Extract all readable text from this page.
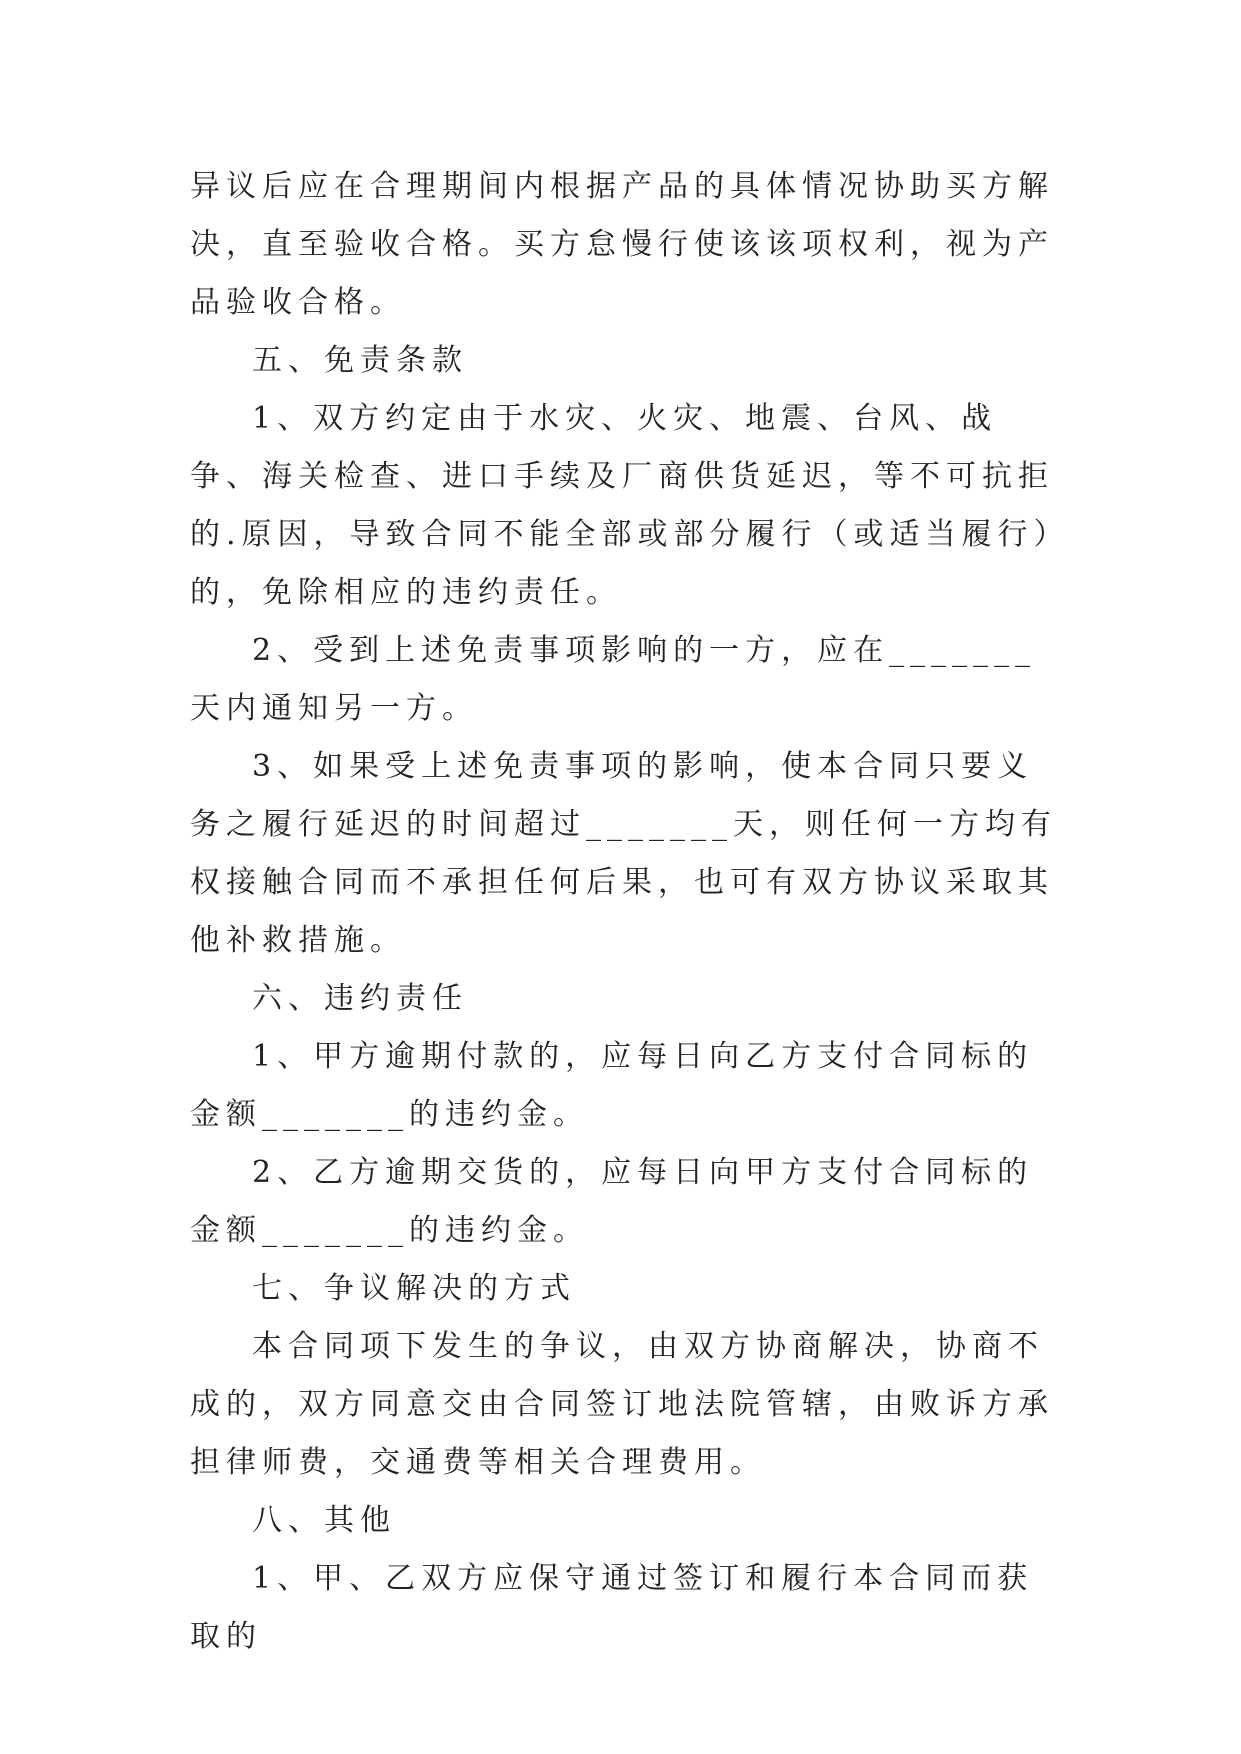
异议后应在合理期间内根据产品的具体情况协助买方解决，直至验收合格。买方怠慢行使该该项权利，视为产品验收合格。

五、免责条款

1、双方约定由于水灾、火灾、地震、台风、战争、海关检查、进口手续及厂商供货延迟，等不可抗拒的.原因，导致合同不能全部或部分履行（或适当履行）的，免除相应的违约责任。

2、受到上述免责事项影响的一方，应在_______天内通知另一方。

3、如果受上述免责事项的影响，使本合同只要义务之履行延迟的时间超过_______天，则任何一方均有权接触合同而不承担任何后果，也可有双方协议采取其他补救措施。

六、违约责任

1、甲方逾期付款的，应每日向乙方支付合同标的金额_______的违约金。

2、乙方逾期交货的，应每日向甲方支付合同标的金额_______的违约金。

七、争议解决的方式

本合同项下发生的争议，由双方协商解决，协商不成的，双方同意交由合同签订地法院管辖，由败诉方承担律师费，交通费等相关合理费用。

八、其他

1、甲、乙双方应保守通过签订和履行本合同而获取的
